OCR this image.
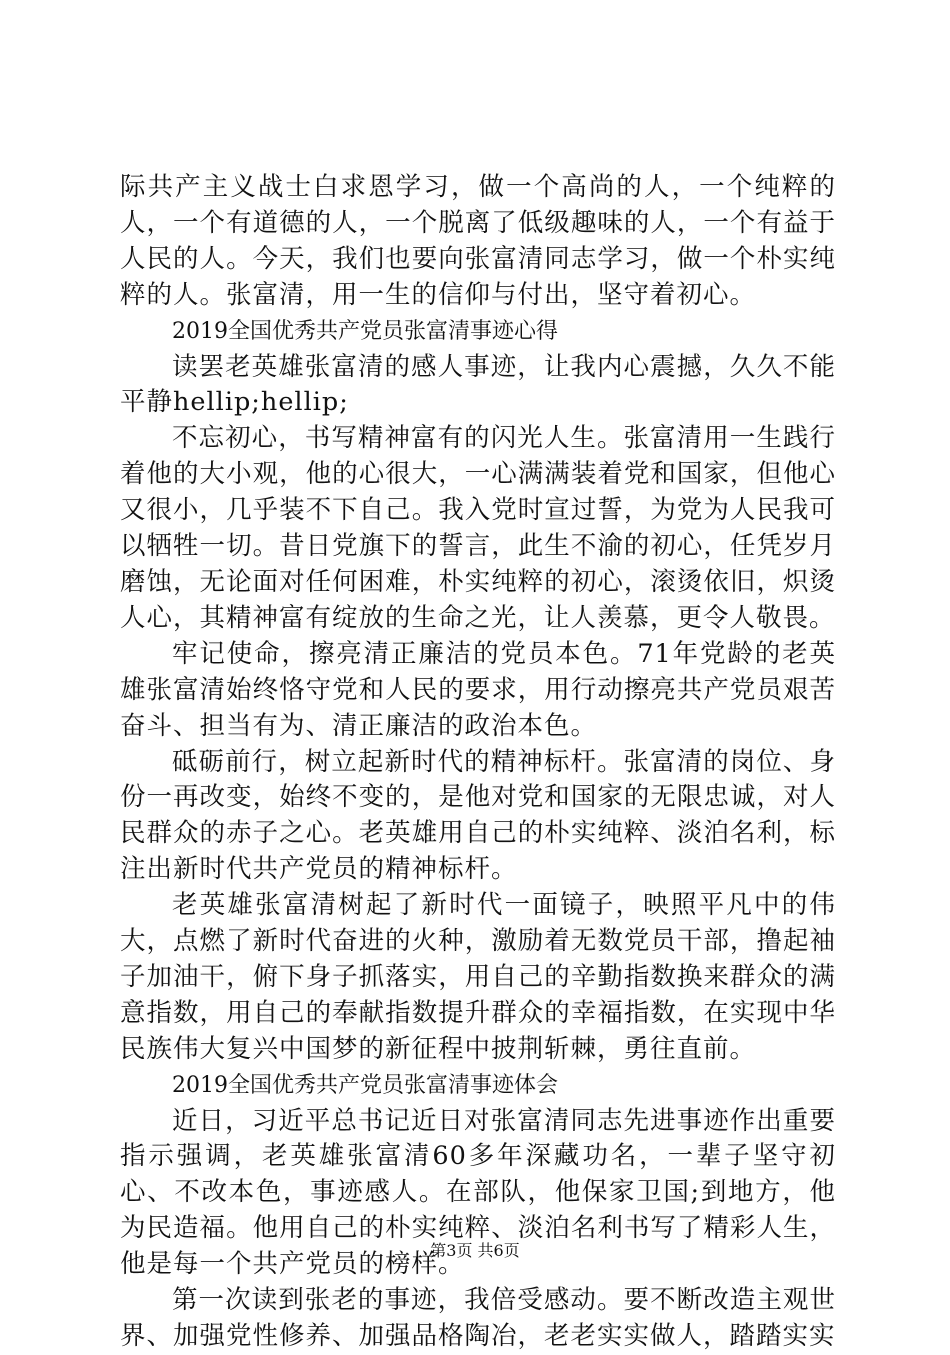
际共产主义战士白求恩学习，做一个高尚的人，一个纯粹的人，一个有道德的人，一个脱离了低级趣味的人，一个有益于人民的人。今天，我们也要向张富清同志学习，做一个朴实纯粹的人。张富清，用一生的信仰与付出，坚守着初心。

2019全国优秀共产党员张富清事迹心得

读罢老英雄张富清的感人事迹，让我内心震撼，久久不能平静hellip;hellip;

不忘初心，书写精神富有的闪光人生。张富清用一生践行着他的大小观，他的心很大，一心满满装着党和国家，但他心又很小，几乎装不下自己。我入党时宣过誓，为党为人民我可以牺牲一切。昔日党旗下的誓言，此生不渝的初心，任凭岁月磨蚀，无论面对任何困难，朴实纯粹的初心，滚烫依旧，炽烫人心，其精神富有绽放的生命之光，让人羡慕，更令人敬畏。

牢记使命，擦亮清正廉洁的党员本色。71年党龄的老英雄张富清始终恪守党和人民的要求，用行动擦亮共产党员艰苦奋斗、担当有为、清正廉洁的政治本色。

砥砺前行，树立起新时代的精神标杆。张富清的岗位、身份一再改变，始终不变的，是他对党和国家的无限忠诚，对人民群众的赤子之心。老英雄用自己的朴实纯粹、淡泊名利，标注出新时代共产党员的精神标杆。

老英雄张富清树起了新时代一面镜子，映照平凡中的伟大，点燃了新时代奋进的火种，激励着无数党员干部，撸起袖子加油干，俯下身子抓落实，用自己的辛勤指数换来群众的满意指数，用自己的奉献指数提升群众的幸福指数，在实现中华民族伟大复兴中国梦的新征程中披荆斩棘，勇往直前。

2019全国优秀共产党员张富清事迹体会

近日，习近平总书记近日对张富清同志先进事迹作出重要指示强调，老英雄张富清60多年深藏功名，一辈子坚守初心、不改本色，事迹感人。在部队，他保家卫国;到地方，他为民造福。他用自己的朴实纯粹、淡泊名利书写了精彩人生，他是每一个共产党员的榜样。

第一次读到张老的事迹，我倍受感动。要不断改造主观世界、加强党性修养、加强品格陶冶，老老实实做人，踏踏实实

第3页 共6页
